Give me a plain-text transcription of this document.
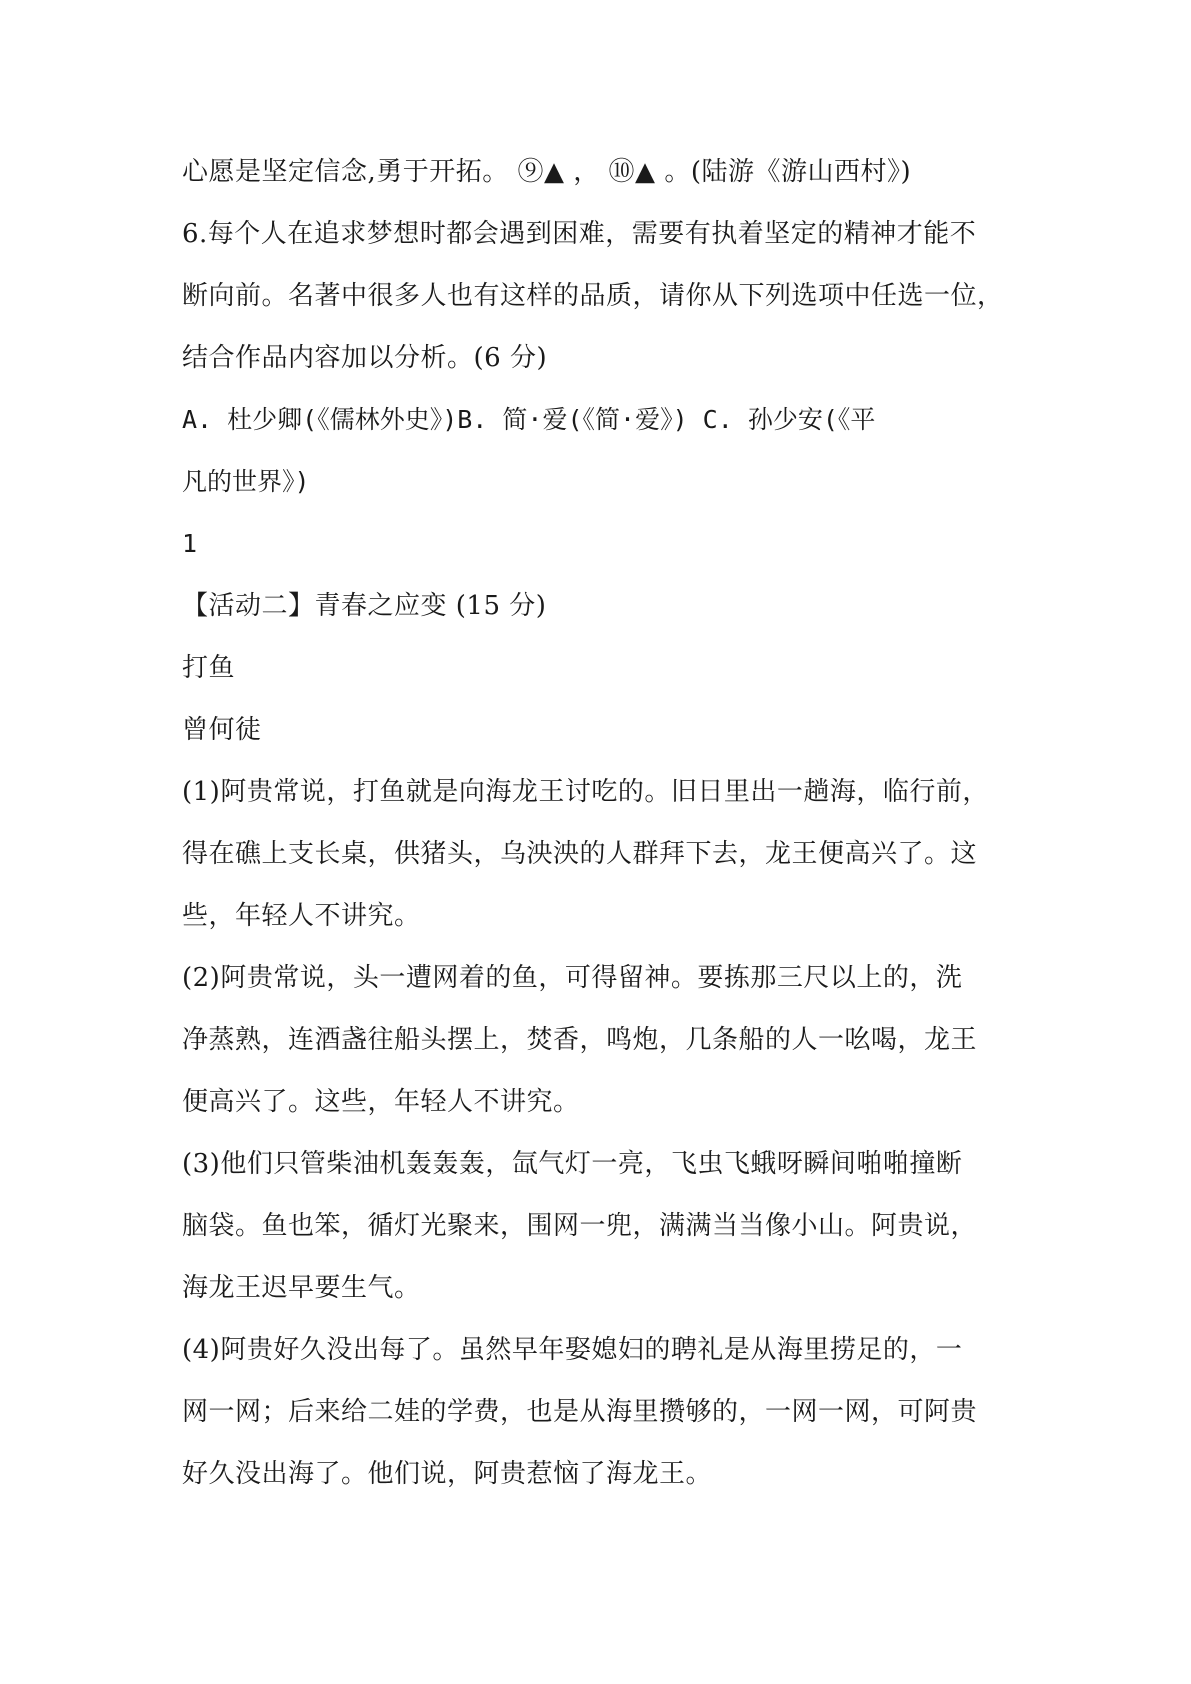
心愿是坚定信念,勇于开拓。 ⑨▲ ， ⑩▲ 。(陆游《游山西村》)
6.每个人在追求梦想时都会遇到困难，需要有执着坚定的精神才能不
断向前。名著中很多人也有这样的品质，请你从下列选项中任选一位，
结合作品内容加以分析。(6 分)
A. 杜少卿(《儒林外史》)B. 简·爱(《简·爱》) C. 孙少安(《平
凡的世界》)
1
【活动二】青春之应变 (15 分)
打鱼
曾何徒
(1)阿贵常说，打鱼就是向海龙王讨吃的。旧日里出一趟海，临行前，
得在礁上支长桌，供猪头，乌泱泱的人群拜下去，龙王便高兴了。这
些，年轻人不讲究。
(2)阿贵常说，头一遭网着的鱼，可得留神。要拣那三尺以上的，洗
净蒸熟，连酒盏往船头摆上，焚香，鸣炮，几条船的人一吆喝，龙王
便高兴了。这些，年轻人不讲究。
(3)他们只管柴油机轰轰轰，氙气灯一亮，飞虫飞蛾呀瞬间啪啪撞断
脑袋。鱼也笨，循灯光聚来，围网一兜，满满当当像小山。阿贵说，
海龙王迟早要生气。
(4)阿贵好久没出每了。虽然早年娶媳妇的聘礼是从海里捞足的，一
网一网；后来给二娃的学费，也是从海里攒够的，一网一网，可阿贵
好久没出海了。他们说，阿贵惹恼了海龙王。
